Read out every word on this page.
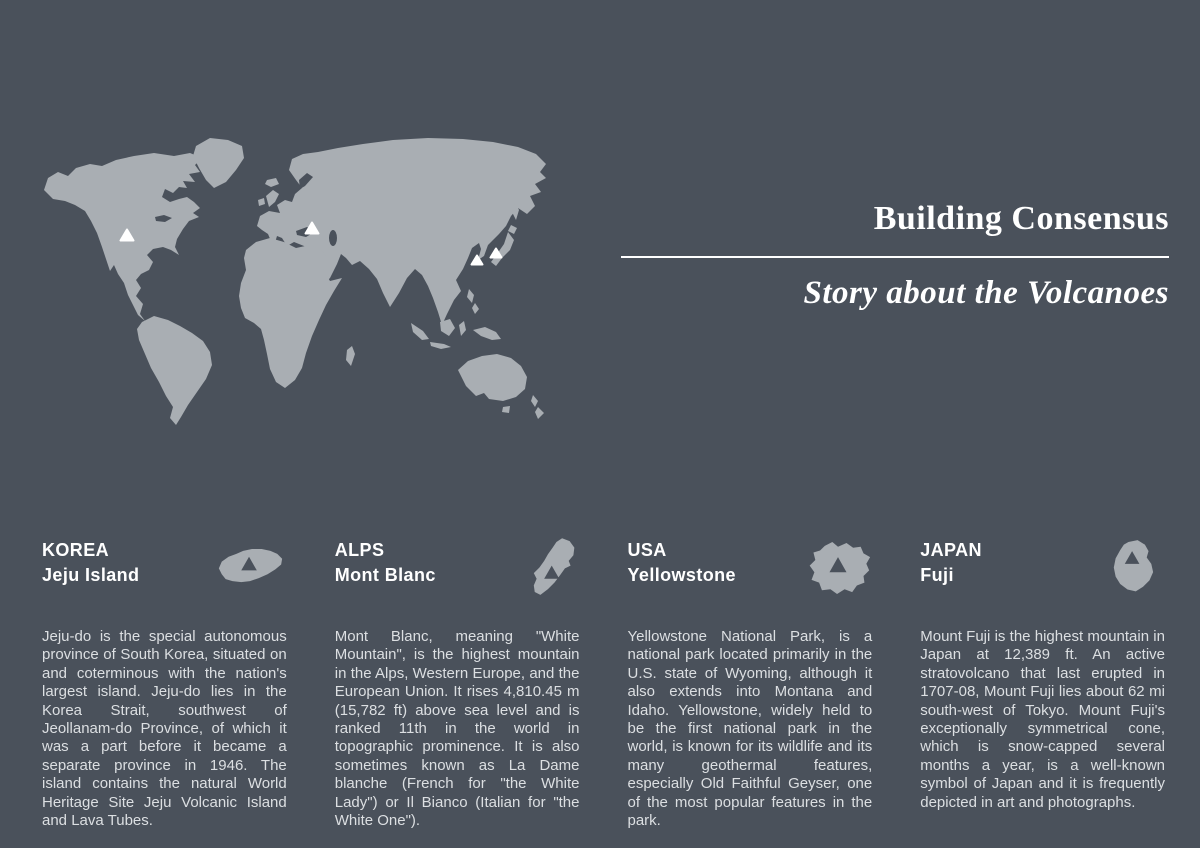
Building Consensus
Story about the Volcanoes
KOREA
Jeju Island

Jeju-do is the special autonomous province of South Korea, situated on and coterminous with the nation's largest island. Jeju-do lies in the Korea Strait, southwest of Jeollanam-do Province, of which it was a part before it became a separate province in 1946. The island contains the natural World Heritage Site Jeju Volcanic Island and Lava Tubes.

ALPS
Mont Blanc

Mont Blanc, meaning "White Mountain", is the highest mountain in the Alps, Western Europe, and the European Union. It rises 4,810.45 m (15,782 ft) above sea level and is ranked 11th in the world in topographic prominence. It is also sometimes known as La Dame blanche (French for "the White Lady") or Il Bianco (Italian for "the White One").

USA
Yellowstone

Yellowstone National Park, is a national park located primarily in the U.S. state of Wyoming, although it also extends into Montana and Idaho. Yellowstone, widely held to be the first national park in the world, is known for its wildlife and its many geothermal features, especially Old Faithful Geyser, one of the most popular features in the park.

JAPAN
Fuji

Mount Fuji is the highest mountain in Japan at 12,389 ft. An active stratovolcano that last erupted in 1707-08, Mount Fuji lies about 62 mi south-west of Tokyo. Mount Fuji's exceptionally symmetrical cone, which is snow-capped several months a year, is a well-known symbol of Japan and it is frequently depicted in art and photographs.
